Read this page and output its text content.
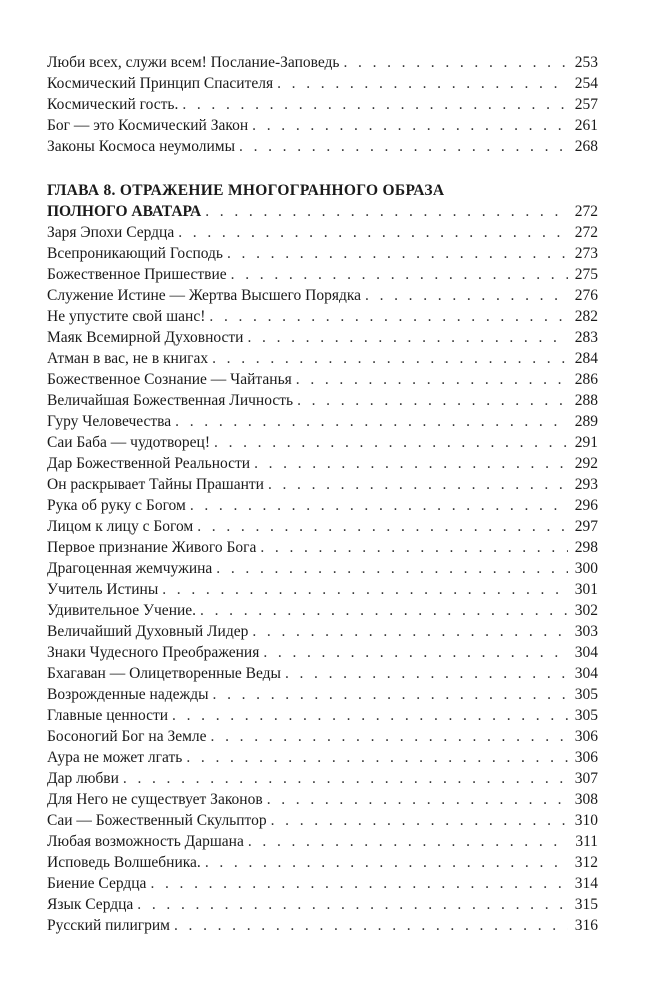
Люби всех, служи всем! Послание-Заповедь . . .	253
Космический Принцип Спасителя . . .	254
Космический гость. . . .	257
Бог — это Космический Закон . . .	261
Законы Космоса неумолимы . . .	268
ГЛАВА 8. ОТРАЖЕНИЕ МНОГОГРАННОГО ОБРАЗА
ПОЛНОГО АВАТАРА . . .	272
Заря Эпохи Сердца . . .	272
Всепроникающий Господь . . .	273
Божественное Пришествие . . .	275
Служение Истине — Жертва Высшего Порядка . . .	276
Не упустите свой шанс! . . .	282
Маяк Всемирной Духовности . . .	283
Атман в вас, не в книгах . . .	284
Божественное Сознание — Чайтанья . . .	286
Величайшая Божественная Личность . . .	288
Гуру Человечества . . .	289
Саи Баба — чудотворец! . . .	291
Дар Божественной Реальности . . .	292
Он раскрывает Тайны Прашанти . . .	293
Рука об руку с Богом . . .	296
Лицом к лицу с Богом . . .	297
Первое признание Живого Бога . . .	298
Драгоценная жемчужина . . .	300
Учитель Истины . . .	301
Удивительное Учение. . . .	302
Величайший Духовный Лидер . . .	303
Знаки Чудесного Преображения . . .	304
Бхагаван — Олицетворенные Веды . . .	304
Возрожденные надежды . . .	305
Главные ценности . . .	305
Босоногий Бог на Земле . . .	306
Аура не может лгать . . .	306
Дар любви . . .	307
Для Него не существует Законов . . .	308
Саи — Божественный Скульптор . . .	310
Любая возможность Даршана . . .	311
Исповедь Волшебника. . . .	312
Биение Сердца . . .	314
Язык Сердца . . .	315
Русский пилигрим . . .	316
